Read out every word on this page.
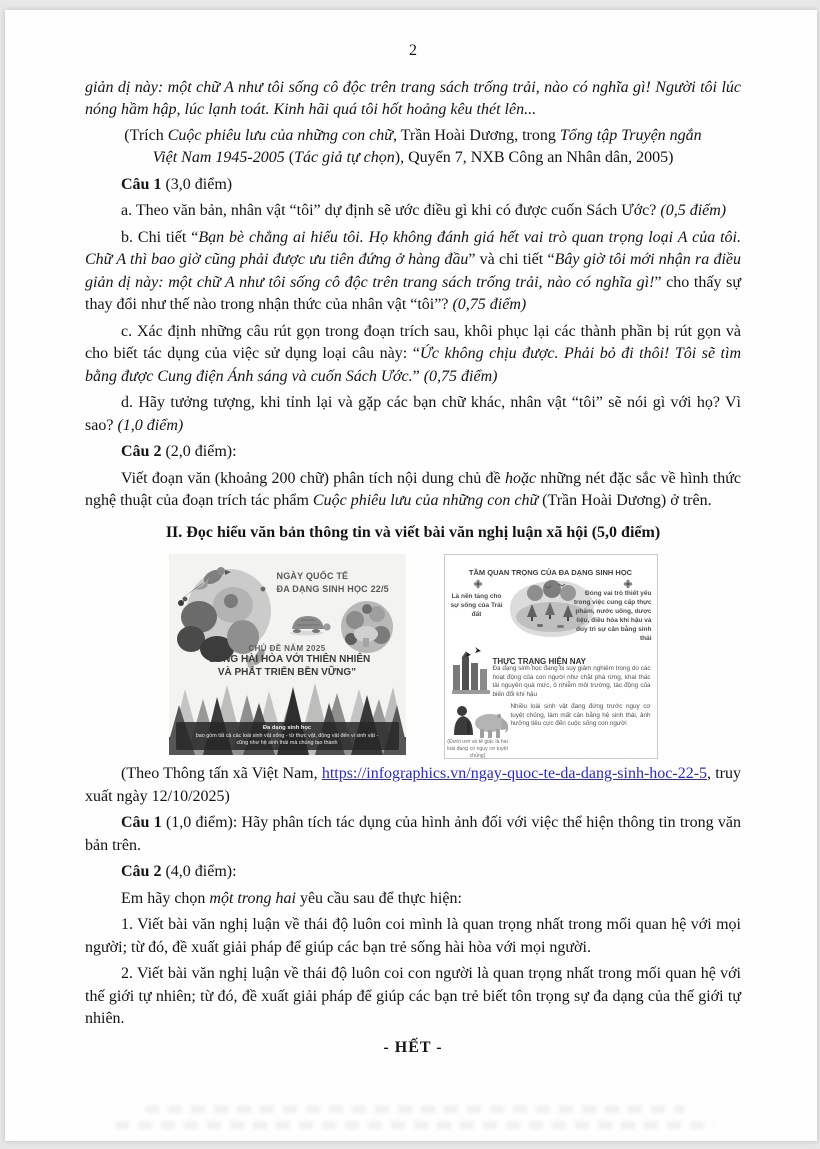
2

giản dị này: một chữ A như tôi sống cô độc trên trang sách trống trải, nào có nghĩa gì! Người tôi lúc nóng hầm hập, lúc lạnh toát. Kinh hãi quá tôi hốt hoảng kêu thét lên...

(Trích Cuộc phiêu lưu của những con chữ, Trần Hoài Dương, trong Tổng tập Truyện ngắn

Việt Nam 1945-2005 (Tác giả tự chọn), Quyển 7, NXB Công an Nhân dân, 2005)

Câu 1 (3,0 điểm)

a. Theo văn bản, nhân vật “tôi” dự định sẽ ước điều gì khi có được cuốn Sách Ước? (0,5 điểm)

b. Chi tiết “Bạn bè chẳng ai hiểu tôi. Họ không đánh giá hết vai trò quan trọng loại A của tôi. Chữ A thì bao giờ cũng phải được ưu tiên đứng ở hàng đầu” và chi tiết “Bây giờ tôi mới nhận ra điều giản dị này: một chữ A như tôi sống cô độc trên trang sách trống trải, nào có nghĩa gì!” cho thấy sự thay đổi như thế nào trong nhận thức của nhân vật “tôi”? (0,75 điểm)

c. Xác định những câu rút gọn trong đoạn trích sau, khôi phục lại các thành phần bị rút gọn và cho biết tác dụng của việc sử dụng loại câu này: “Ức không chịu được. Phải bỏ đi thôi! Tôi sẽ tìm bằng được Cung điện Ánh sáng và cuốn Sách Ước.” (0,75 điểm)

d. Hãy tưởng tượng, khi tỉnh lại và gặp các bạn chữ khác, nhân vật “tôi” sẽ nói gì với họ? Vì sao? (1,0 điểm)

Câu 2 (2,0 điểm):

Viết đoạn văn (khoảng 200 chữ) phân tích nội dung chủ đề hoặc những nét đặc sắc về hình thức nghệ thuật của đoạn trích tác phẩm Cuộc phiêu lưu của những con chữ (Trần Hoài Dương) ở trên.

II. Đọc hiểu văn bản thông tin và viết bài văn nghị luận xã hội (5,0 điểm)

NGÀY QUỐC TẾ
ĐA DẠNG SINH HỌC 22/5
CHỦ ĐỀ NĂM 2025
“SỐNG HÀI HÒA VỚI THIÊN NHIÊN
VÀ PHÁT TRIỂN BỀN VỮNG”
Đa dạng sinh học
bao gồm tất cả các loài sinh vật sống - từ thực vật, động vật đến vi sinh vật -
cũng như hệ sinh thái mà chúng tạo thành
TẦM QUAN TRỌNG CỦA ĐA DẠNG SINH HỌC
Là nền tảng cho sự sống của Trái đất
Đóng vai trò thiết yếu trong việc cung cấp thực phẩm, nước uống, dược liệu, điều hòa khí hậu và duy trì sự cân bằng sinh thái
THỰC TRẠNG HIỆN NAY
Đa dạng sinh học đang bị suy giảm nghiêm trọng do các hoạt động của con người như chặt phá rừng, khai thác tài nguyên quá mức, ô nhiễm môi trường, tác động của biến đổi khí hậu
Nhiều loài sinh vật đang đứng trước nguy cơ tuyệt chủng, làm mất cân bằng hệ sinh thái, ảnh hưởng tiêu cực đến cuộc sống con người
(Đười ươi và tê giác là hai loài đang có nguy cơ tuyệt chủng)

(Theo Thông tấn xã Việt Nam, https://infographics.vn/ngay-quoc-te-da-dang-sinh-hoc-22-5, truy xuất ngày 12/10/2025)

Câu 1 (1,0 điểm): Hãy phân tích tác dụng của hình ảnh đối với việc thể hiện thông tin trong văn bản trên.

Câu 2 (4,0 điểm):

Em hãy chọn một trong hai yêu cầu sau để thực hiện:

1. Viết bài văn nghị luận về thái độ luôn coi mình là quan trọng nhất trong mối quan hệ với mọi người; từ đó, đề xuất giải pháp để giúp các bạn trẻ sống hài hòa với mọi người.

2. Viết bài văn nghị luận về thái độ luôn coi con người là quan trọng nhất trong mối quan hệ với thế giới tự nhiên; từ đó, đề xuất giải pháp để giúp các bạn trẻ biết tôn trọng sự đa dạng của thế giới tự nhiên.

- HẾT -
